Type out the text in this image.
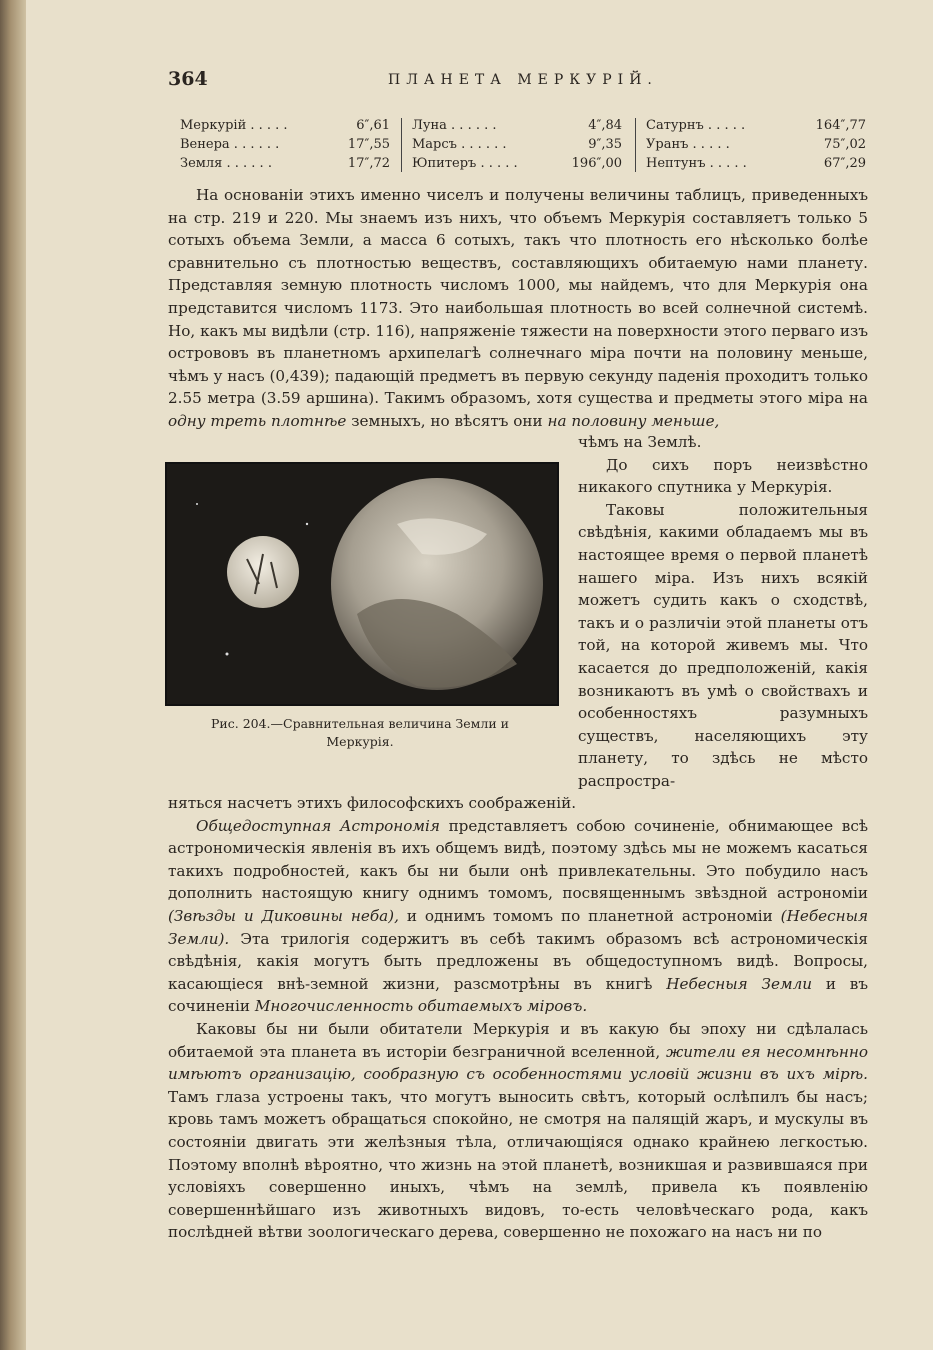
364	ПЛАНЕТА МЕРКУРІЙ.
Меркурій . . . . .	6″,61
Венера . . . . . .	17″,55
Земля . . . . . .	17″,72
Луна . . . . . .	4″,84
Марсъ . . . . . .	9″,35
Юпитеръ . . . . .	196″,00
Сатурнъ . . . . .	164″,77
Уранъ . . . . .	75″,02
Нептунъ . . . . .	67″,29

На основаніи этихъ именно чиселъ и получены величины таблицъ, приведенныхъ на стр. 219 и 220. Мы знаемъ изъ нихъ, что объемъ Меркурія составляетъ только 5 сотыхъ объема Земли, а масса 6 сотыхъ, такъ что плотность его нѣсколько болѣе сравнительно съ плотностью веществъ, составляющихъ обитаемую нами планету. Представляя земную плотность числомъ 1000, мы найдемъ, что для Меркурія она представится числомъ 1173. Это наибольшая плотность во всей солнечной системѣ. Но, какъ мы видѣли (стр. 116), напряженіе тяжести на поверхности этого перваго изъ острововъ въ планетномъ архипелагѣ солнечнаго міра почти на половину меньше, чѣмъ у насъ (0,439); падающій предметъ въ первую секунду паденія проходитъ только 2.55 метра (3.59 аршина). Такимъ образомъ, хотя существа и предметы этого міра на одну треть плотнѣе земныхъ, но вѣсятъ они на половину меньше,

Рис. 204.—Сравнительная величина Земли и Меркурія.

чѣмъ на Землѣ.

До сихъ поръ неизвѣстно никакого спутника у Меркурія.

Таковы положительныя свѣдѣнія, какими обладаемъ мы въ настоящее время о первой планетѣ нашего міра. Изъ нихъ всякій можетъ судить какъ о сходствѣ, такъ и о различіи этой планеты отъ той, на которой живемъ мы. Что касается до предположеній, какія возникаютъ въ умѣ о свойствахъ и особенностяхъ разумныхъ существъ, населяющихъ эту планету, то здѣсь не мѣсто распростра-

няться насчетъ этихъ философскихъ соображеній.

Общедоступная Астрономія представляетъ собою сочиненіе, обнимающее всѣ астрономическія явленія въ ихъ общемъ видѣ, поэтому здѣсь мы не можемъ касаться такихъ подробностей, какъ бы ни были онѣ привлекательны. Это побудило насъ дополнить настоящую книгу однимъ томомъ, посвященнымъ звѣздной астрономіи (Звѣзды и Диковины неба), и однимъ томомъ по планетной астрономіи (Небесныя Земли). Эта трилогія содержитъ въ себѣ такимъ образомъ всѣ астрономическія свѣдѣнія, какія могутъ быть предложены въ общедоступномъ видѣ. Вопросы, касающіеся внѣ-земной жизни, разсмотрѣны въ книгѣ Небесныя Земли и въ сочиненіи Многочисленность обитаемыхъ міровъ.

Каковы бы ни были обитатели Меркурія и въ какую бы эпоху ни сдѣлалась обитаемой эта планета въ исторіи безграничной вселенной, жители ея несомнѣнно имѣютъ организацію, сообразную съ особенностями условій жизни въ ихъ мірѣ. Тамъ глаза устроены такъ, что могутъ выносить свѣтъ, который ослѣпилъ бы насъ; кровь тамъ можетъ обращаться спокойно, не смотря на палящій жаръ, и мускулы въ состояніи двигать эти желѣзныя тѣла, отличающіяся однако крайнею легкостью. Поэтому вполнѣ вѣроятно, что жизнь на этой планетѣ, возникшая и развившаяся при условіяхъ совершенно иныхъ, чѣмъ на землѣ, привела къ появленію совершеннѣйшаго изъ животныхъ видовъ, то-есть человѣческаго рода, какъ послѣдней вѣтви зоологическаго дерева, совершенно не похожаго на насъ ни по
